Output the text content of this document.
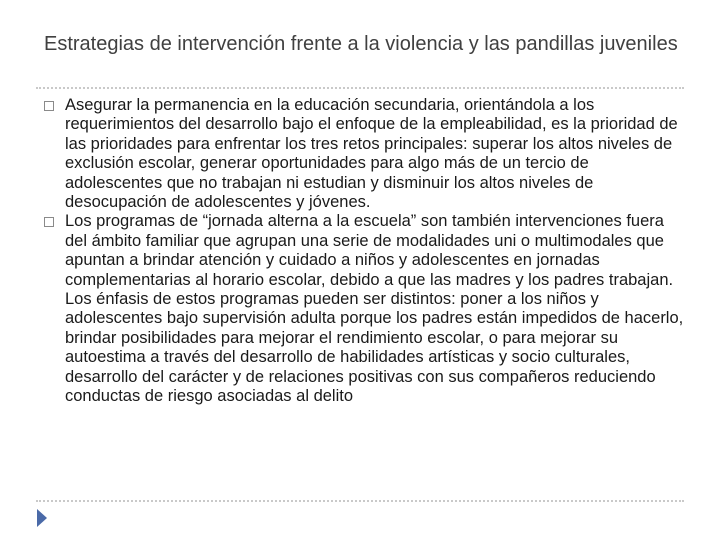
Estrategias de intervención frente a la violencia y las pandillas juveniles
Asegurar la permanencia en la educación secundaria, orientándola a los requerimientos del desarrollo bajo el enfoque de la empleabilidad, es la prioridad de las prioridades para enfrentar los tres retos principales: superar los altos niveles de exclusión escolar, generar oportunidades para algo más de un tercio de adolescentes que no trabajan ni estudian y disminuir los altos niveles de desocupación de adolescentes y jóvenes.
Los programas de “jornada alterna a la escuela” son también intervenciones fuera del ámbito familiar que agrupan una serie de modalidades uni o multimodales que apuntan a brindar atención y cuidado a niños y adolescentes en jornadas complementarias al horario escolar, debido a que las madres y los padres trabajan. Los énfasis de estos programas pueden ser distintos: poner a los niños y adolescentes bajo supervisión adulta porque los padres están impedidos de hacerlo, brindar posibilidades para mejorar el rendimiento escolar, o para mejorar su autoestima a través del desarrollo de habilidades artísticas y socio culturales, desarrollo del carácter y de relaciones positivas con sus compañeros reduciendo conductas de riesgo asociadas al delito
